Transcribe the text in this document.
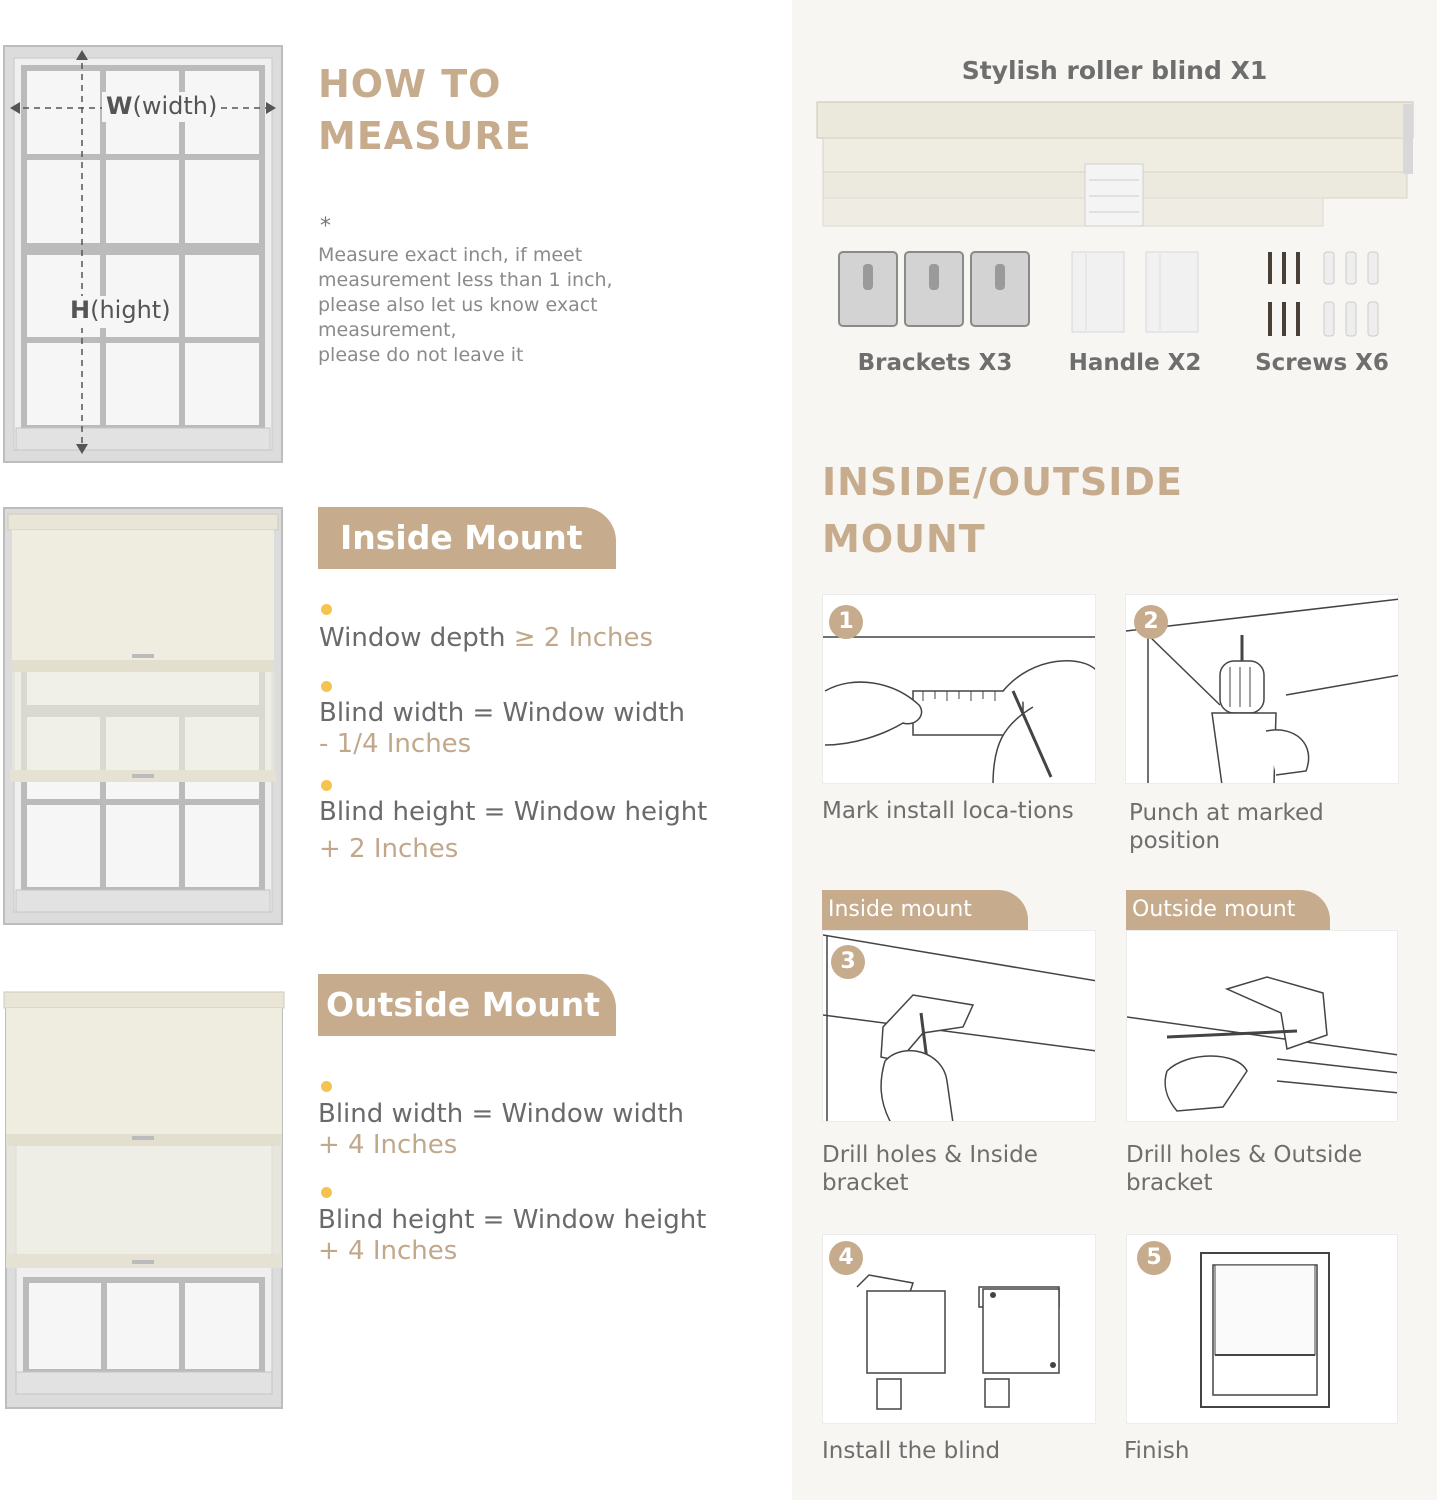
W(width)
H(hight)
HOW TO
MEASURE
*
Measure exact inch, if meet
measurement less than 1 inch,
please also let us know exact
measurement,
please do not leave it
Inside Mount
Window depth ≥ 2 Inches
Blind width = Window width
- 1/4 Inches
Blind height = Window height
+ 2 Inches
Outside Mount
Blind width = Window width
+ 4 Inches
Blind height = Window height
+ 4 Inches
Stylish roller blind X1
Brackets X3	Handle X2	Screws X6
INSIDE/OUTSIDE
MOUNT
1
Mark install loca-tions
2
Punch at marked
position
Inside mount
3
Drill holes & Inside
bracket
Outside mount
Drill holes & Outside
bracket
4
Install the blind
5
Finish
